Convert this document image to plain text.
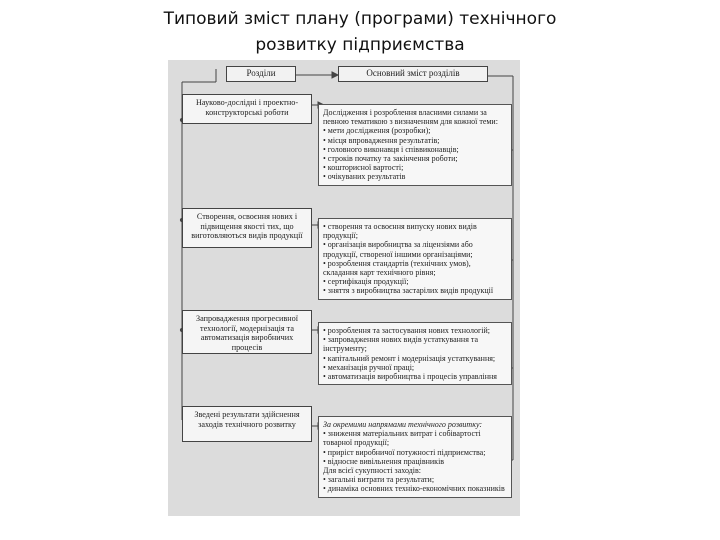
Типовий зміст плану (програми) технічного
розвитку підприємства
Розділи	Основний зміст розділів
Науково-дослідні і проектно-конструкторські роботи	Дослідження і розроблення власними силами за певною тематикою з визначенням для кожної теми:
• мети дослідження (розробки);
• місця впровадження результатів;
• головного виконавця і співвиконавців;
• строків початку та закінчення роботи;
• кошторисної вартості;
• очікуваних результатів
Створення, освоєння нових і підвищення якості тих, що виготовляються видів продукції
• створення та освоєння випуску нових видів продукції;
• організація виробництва за ліцензіями або продукції, створеної іншими організаціями;
• розроблення стандартів (технічних умов), складання карт технічного рівня;
• сертифікація продукції;
• зняття з виробництва застарілих видів продукції
Запровадження прогресивної технології, модернізація та автоматизація виробничих процесів
• розроблення та застосування нових технологій;
• запровадження нових видів устаткування та інструменту;
• капітальний ремонт і модернізація устаткування;
• механізація ручної праці;
• автоматизація виробництва і процесів управління
Зведені результати здійснення заходів технічного розвитку	За окремими напрямами технічного розвитку:
• зниження матеріальних витрат і собівартості товарної продукції;
• приріст виробничої потужності підприємства;
• відносне вивільнення працівників
Для всієї сукупності заходів:
• загальні витрати та результати;
• динаміка основних техніко-економічних показників
